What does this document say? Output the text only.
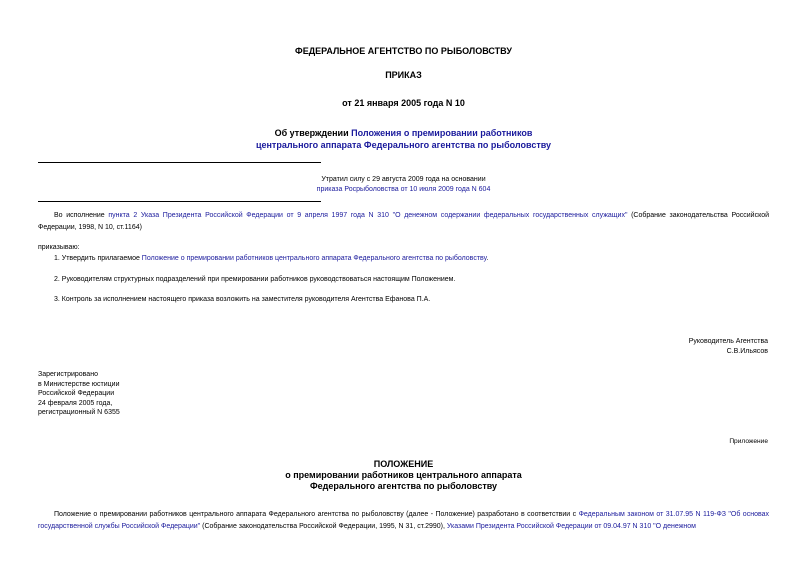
ФЕДЕРАЛЬНОЕ АГЕНТСТВО ПО РЫБОЛОВСТВУ
ПРИКАЗ
от 21 января 2005 года N 10
Об утверждении Положения о премировании работников
центрального аппарата Федерального агентства по рыболовству
Утратил силу с 29 августа 2009 года на основании
приказа Росрыболовства от 10 июля 2009 года N 604
Во исполнение пункта 2 Указа Президента Российской Федерации от 9 апреля 1997 года N 310 "О денежном содержании федеральных государственных служащих" (Собрание законодательства Российской Федерации, 1998, N 10, ст.1164)
приказываю:
1. Утвердить прилагаемое Положение о премировании работников центрального аппарата Федерального агентства по рыболовству.
2. Руководителям структурных подразделений при премировании работников руководствоваться настоящим Положением.
3. Контроль за исполнением настоящего приказа возложить на заместителя руководителя Агентства Ефанова П.А.
Руководитель Агентства
С.В.Ильясов
Зарегистрировано
в Министерстве юстиции
Российской Федерации
24 февраля 2005 года,
регистрационный N 6355
Приложение
ПОЛОЖЕНИЕ
о премировании работников центрального аппарата
Федерального агентства по рыболовству
Положение о премировании работников центрального аппарата Федерального агентства по рыболовству (далее - Положение) разработано в соответствии с Федеральным законом от 31.07.95 N 119-ФЗ "Об основах государственной службы Российской Федерации" (Собрание законодательства Российской Федерации, 1995, N 31, ст.2990), Указами Президента Российской Федерации от 09.04.97 N 310 "О денежном
